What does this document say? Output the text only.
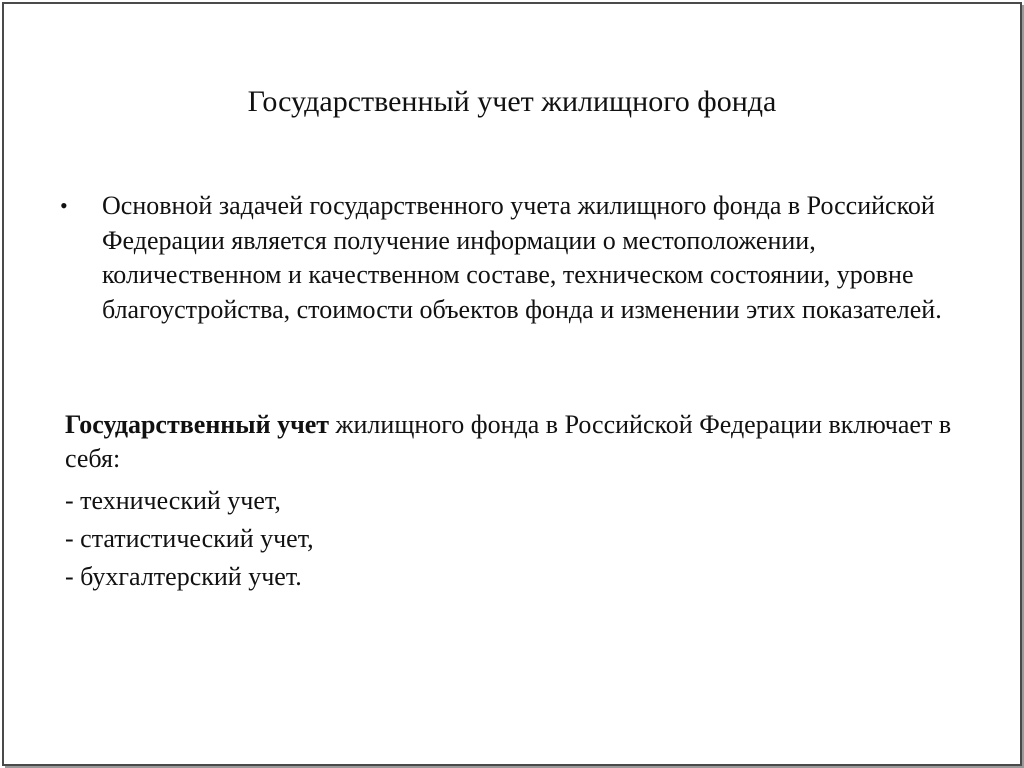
Государственный учет жилищного фонда
•	Основной задачей государственного учета жилищного фонда в Российской Федерации является получение информации о местоположении, количественном и качественном составе, техническом состоянии, уровне благоустройства, стоимости объектов фонда и изменении этих показателей.

Государственный учет жилищного фонда в Российской Федерации включает в себя:

- технический учет,
- статистический учет,
- бухгалтерский учет.
